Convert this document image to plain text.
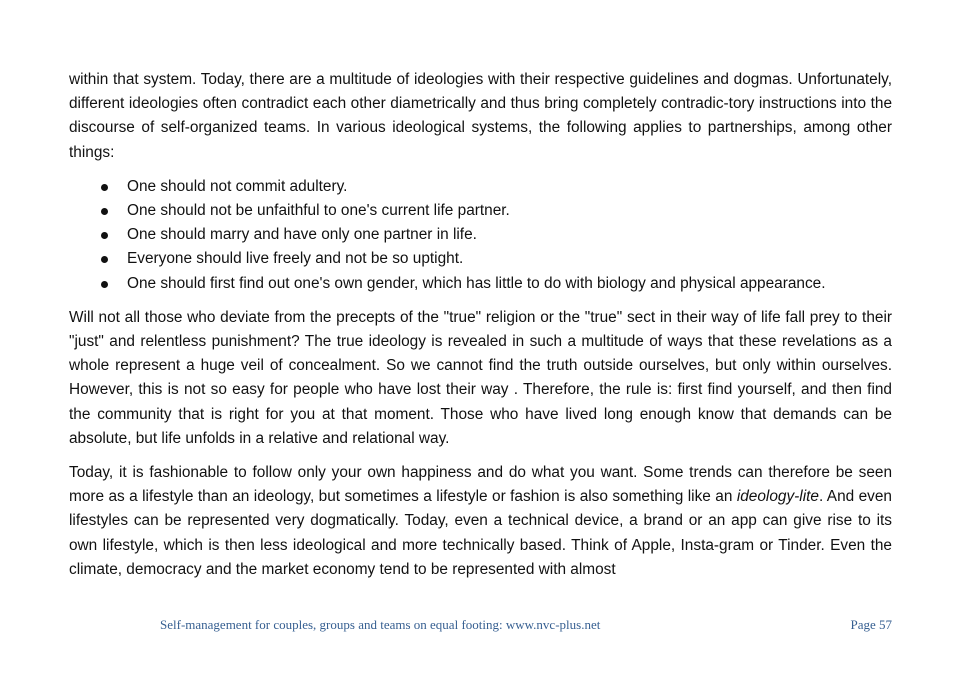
within that system. Today, there are a multitude of ideologies with their respective guidelines and dogmas. Unfortunately, different ideologies often contradict each other diametrically and thus bring completely contradic-tory instructions into the discourse of self-organized teams. In various ideological systems, the following applies to partnerships, among other things:

One should not commit adultery.
One should not be unfaithful to one's current life partner.
One should marry and have only one partner in life.
Everyone should live freely and not be so uptight.
One should first find out one's own gender, which has little to do with biology and physical appearance.

Will not all those who deviate from the precepts of the "true" religion or the "true" sect in their way of life fall prey to their "just" and relentless punishment? The true ideology is revealed in such a multitude of ways that these revelations as a whole represent a huge veil of concealment. So we cannot find the truth outside ourselves, but only within ourselves. However, this is not so easy for people who have lost their way . Therefore, the rule is: first find yourself, and then find the community that is right for you at that moment. Those who have lived long enough know that demands can be absolute, but life unfolds in a relative and relational way.

Today, it is fashionable to follow only your own happiness and do what you want. Some trends can therefore be seen more as a lifestyle than an ideology, but sometimes a lifestyle or fashion is also something like an ideology-lite. And even lifestyles can be represented very dogmatically. Today, even a technical device, a brand or an app can give rise to its own lifestyle, which is then less ideological and more technically based. Think of Apple, Insta-gram or Tinder. Even the climate, democracy and the market economy tend to be represented with almost

Self-management for couples, groups and teams on equal footing: www.nvc-plus.net	Page 57
